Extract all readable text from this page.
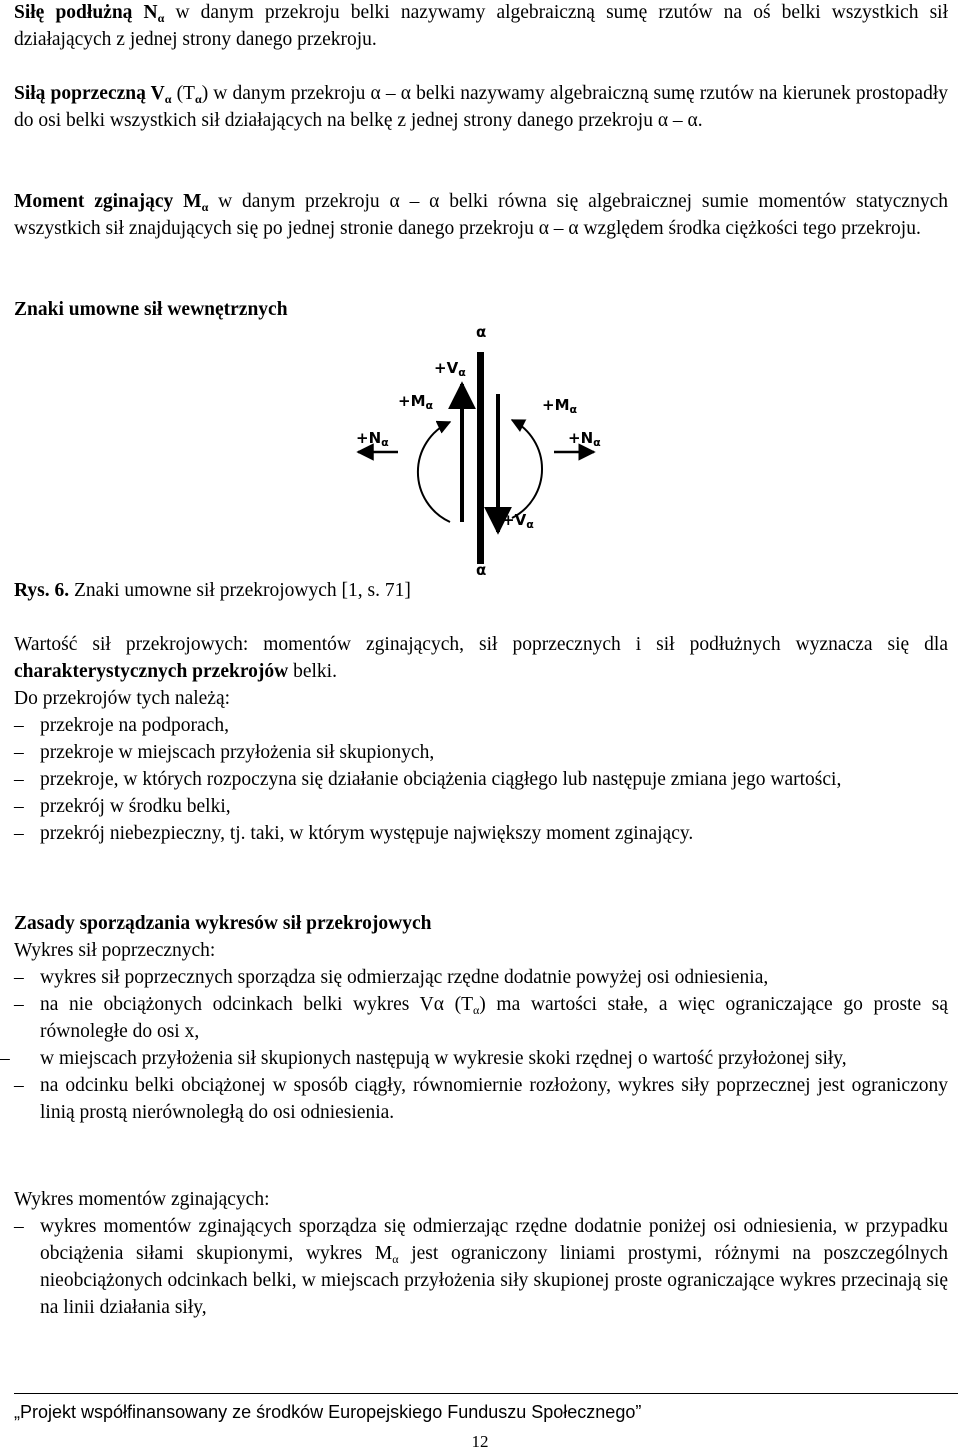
Siłę podłużną $N_\alpha$ w danym przekroju belki nazywamy algebraiczną sumę rzutów na oś belki wszystkich sił działających z jednej strony danego przekroju.

Siłą poprzeczną $V_\alpha$ $(T_\alpha)$ w danym przekroju α – α belki nazywamy algebraiczną sumę rzutów na kierunek prostopadły do osi belki wszystkich sił działających na belkę z jednej strony danego przekroju α – α.

Moment zginający $M_\alpha$ w danym przekroju α – α belki równa się algebraicznej sumie momentów statycznych wszystkich sił znajdujących się po jednej stronie danego przekroju α – α względem środka ciężkości tego przekroju.

Znaki umowne sił wewnętrznych
α
α
$+V_\alpha$
$+V_\alpha$
$+M_\alpha$	$+M_\alpha$
$+N_\alpha$	$+N_\alpha$
Rys. 6. Znaki umowne sił przekrojowych [1, s. 71]

Wartość sił przekrojowych: momentów zginających, sił poprzecznych i sił podłużnych wyznacza się dla charakterystycznych przekrojów belki.

Do przekrojów tych należą:

– przekroje na podporach,
– przekroje w miejscach przyłożenia sił skupionych,
– przekroje, w których rozpoczyna się działanie obciążenia ciągłego lub następuje zmiana jego wartości,
– przekrój w środku belki,
– przekrój niebezpieczny, tj. taki, w którym występuje największy moment zginający.

Zasady sporządzania wykresów sił przekrojowych

Wykres sił poprzecznych:

– wykres sił poprzecznych sporządza się odmierzając rzędne dodatnie powyżej osi odniesienia,
– na nie obciążonych odcinkach belki wykres Vα $(T_\alpha)$ ma wartości stałe, a więc ograniczające go proste są równoległe do osi x,
– w miejscach przyłożenia sił skupionych następują w wykresie skoki rzędnej o wartość przyłożonej siły,
– na odcinku belki obciążonej w sposób ciągły, równomiernie rozłożony, wykres siły poprzecznej jest ograniczony linią prostą nierównoległą do osi odniesienia.

Wykres momentów zginających:

– wykres momentów zginających sporządza się odmierzając rzędne dodatnie poniżej osi odniesienia, w przypadku obciążenia siłami skupionymi, wykres $M_\alpha$ jest ograniczony liniami prostymi, różnymi na poszczególnych nieobciążonych odcinkach belki, w miejscach przyłożenia siły skupionej proste ograniczające wykres przecinają się na linii działania siły,
„Projekt współfinansowany ze środków Europejskiego Funduszu Społecznego”
12
